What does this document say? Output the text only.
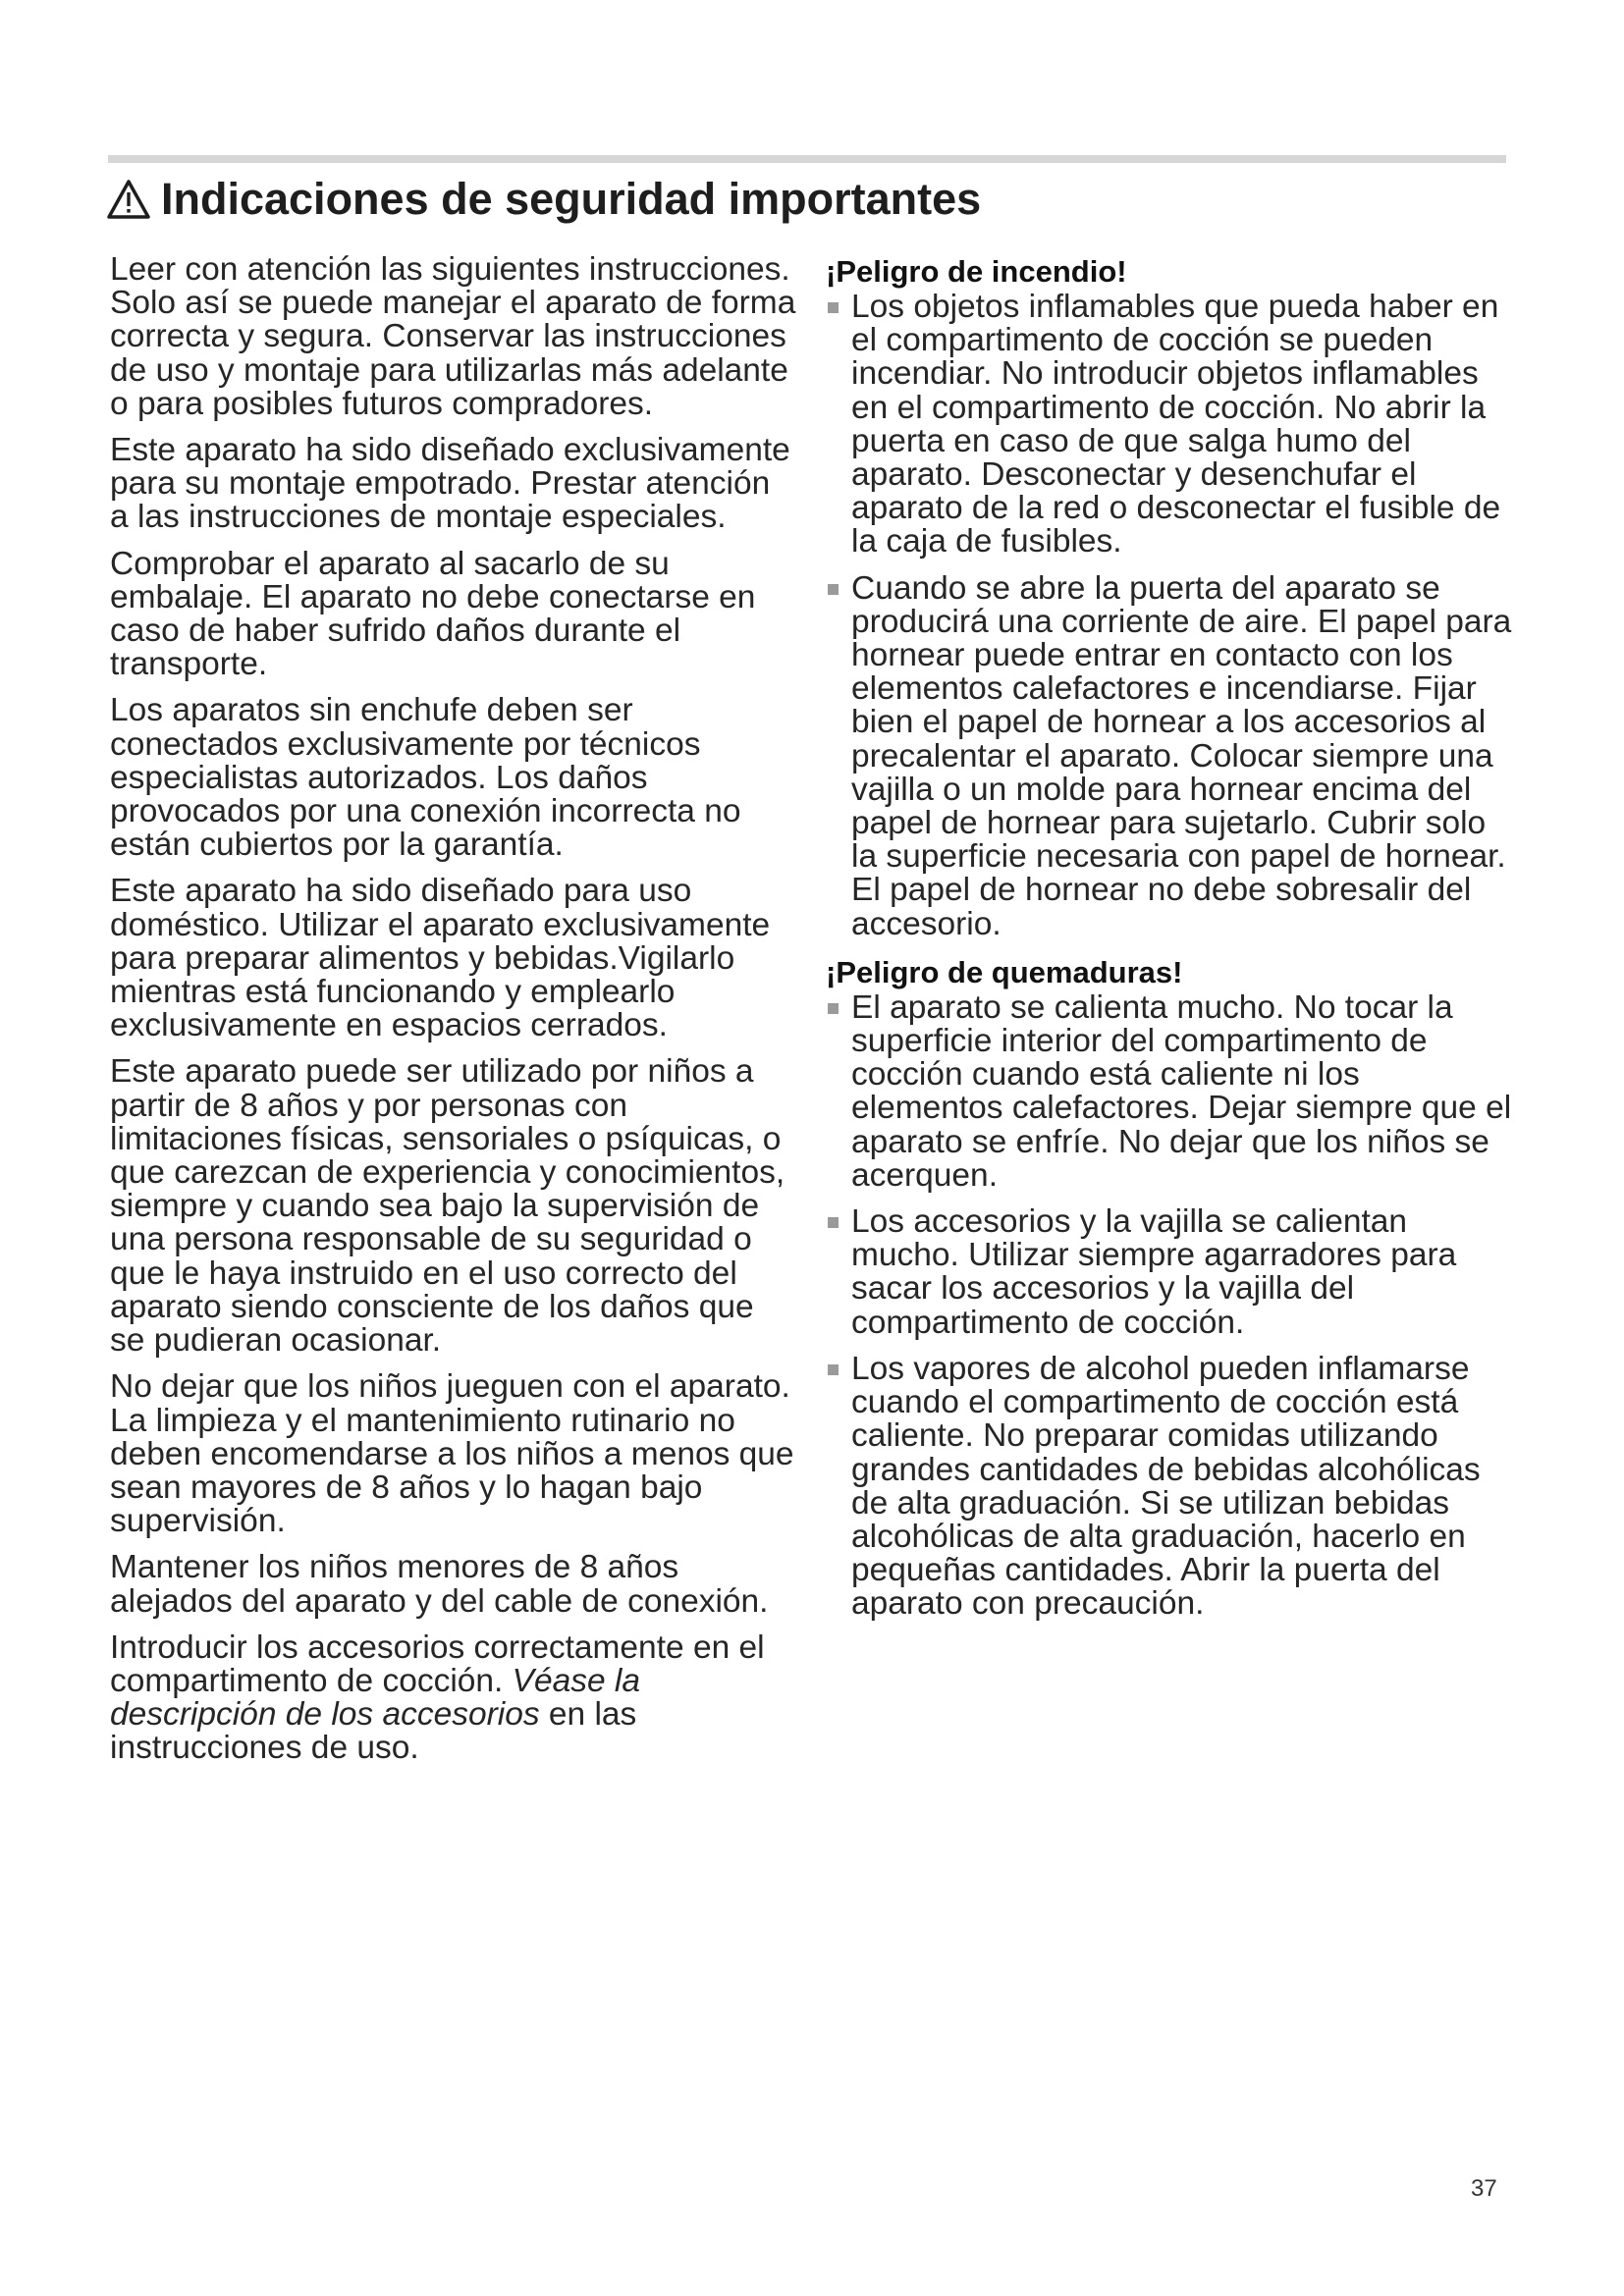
Indicaciones de seguridad importantes

Leer con atención las siguientes instrucciones. Solo así se puede manejar el aparato de forma correcta y segura. Conservar las instrucciones de uso y montaje para utilizarlas más adelante o para posibles futuros compradores.

Este aparato ha sido diseñado exclusivamente para su montaje empotrado. Prestar atención a las instrucciones de montaje especiales.

Comprobar el aparato al sacarlo de su embalaje. El aparato no debe conectarse en caso de haber sufrido daños durante el transporte.

Los aparatos sin enchufe deben ser conectados exclusivamente por técnicos especialistas autorizados. Los daños provocados por una conexión incorrecta no están cubiertos por la garantía.

Este aparato ha sido diseñado para uso doméstico. Utilizar el aparato exclusivamente para preparar alimentos y bebidas.Vigilarlo mientras está funcionando y emplearlo exclusivamente en espacios cerrados.

Este aparato puede ser utilizado por niños a partir de 8 años y por personas con limitaciones físicas, sensoriales o psíquicas, o que carezcan de experiencia y conocimientos, siempre y cuando sea bajo la supervisión de una persona responsable de su seguridad o que le haya instruido en el uso correcto del aparato siendo consciente de los daños que se pudieran ocasionar.

No dejar que los niños jueguen con el aparato. La limpieza y el mantenimiento rutinario no deben encomendarse a los niños a menos que sean mayores de 8 años y lo hagan bajo supervisión.

Mantener los niños menores de 8 años alejados del aparato y del cable de conexión.

Introducir los accesorios correctamente en el compartimento de cocción. Véase la descripción de los accesorios en las instrucciones de uso.

¡Peligro de incendio!
Los objetos inflamables que pueda haber en el compartimento de cocción se pueden incendiar. No introducir objetos inflamables en el compartimento de cocción. No abrir la puerta en caso de que salga humo del aparato. Desconectar y desenchufar el aparato de la red o desconectar el fusible de la caja de fusibles.
Cuando se abre la puerta del aparato se producirá una corriente de aire. El papel para hornear puede entrar en contacto con los elementos calefactores e incendiarse. Fijar bien el papel de hornear a los accesorios al precalentar el aparato. Colocar siempre una vajilla o un molde para hornear encima del papel de hornear para sujetarlo. Cubrir solo la superficie necesaria con papel de hornear. El papel de hornear no debe sobresalir del accesorio.
¡Peligro de quemaduras!
El aparato se calienta mucho. No tocar la superficie interior del compartimento de cocción cuando está caliente ni los elementos calefactores. Dejar siempre que el aparato se enfríe. No dejar que los niños se acerquen.
Los accesorios y la vajilla se calientan mucho. Utilizar siempre agarradores para sacar los accesorios y la vajilla del compartimento de cocción.
Los vapores de alcohol pueden inflamarse cuando el compartimento de cocción está caliente. No preparar comidas utilizando grandes cantidades de bebidas alcohólicas de alta graduación. Si se utilizan bebidas alcohólicas de alta graduación, hacerlo en pequeñas cantidades. Abrir la puerta del aparato con precaución.
37
